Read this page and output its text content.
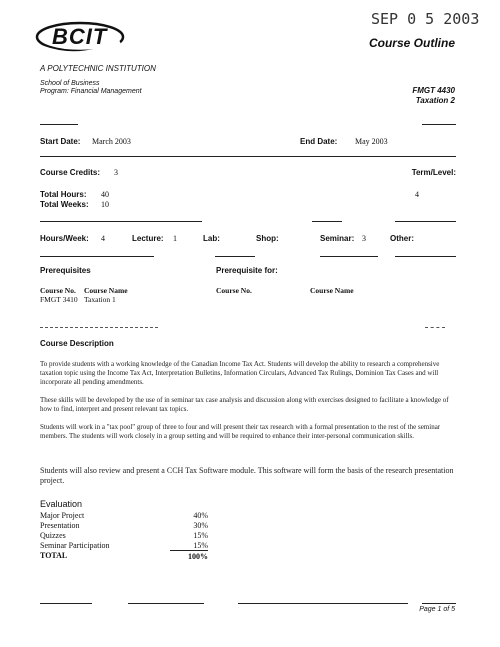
BCIT
SEP 0 5 2003
Course Outline
A POLYTECHNIC INSTITUTION
School of Business
Program: Financial Management	FMGT 4430
Taxation 2
Start Date: March 2003	End Date: May 2003
Course Credits: 3	Term/Level:
Total Hours: 40	4
Total Weeks: 10
Hours/Week: 4	Lecture: 1	Lab:	Shop:	Seminar: 3	Other:
Prerequisites	Prerequisite for:
Course No. Course Name
FMGT 3410 Taxation 1
Course No.	Course Name
Course Description
To provide students with a working knowledge of the Canadian Income Tax Act. Students will develop the ability to research a comprehensive taxation topic using the Income Tax Act, Interpretation Bulletins, Information Circulars, Advanced Tax Rulings, Dominion Tax Cases and will incorporate all pending amendments.
These skills will be developed by the use of in seminar tax case analysis and discussion along with exercises designed to facilitate a knowledge of how to find, interpret and present relevant tax topics.
Students will work in a "tax pool" group of three to four and will present their tax research with a formal presentation to the rest of the seminar members. The students will work closely in a group setting and will be required to enhance their inter-personal communication skills.
Students will also review and present a CCH Tax Software module. This software will form the basis of the research presentation project.
Evaluation
Major Project	40%
Presentation	30%
Quizzes	15%
Seminar Participation	15%
TOTAL	100%
Page 1 of 5
